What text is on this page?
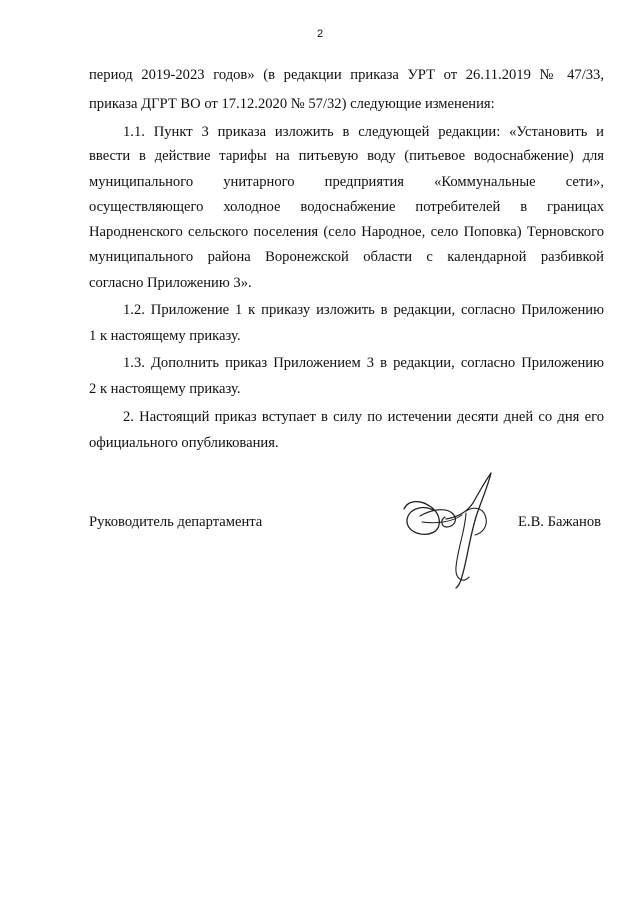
2
период 2019-2023 годов» (в редакции приказа УРТ от 26.11.2019 № 47/33,
приказа ДГРТ ВО от 17.12.2020 № 57/32) следующие изменения:
1.1. Пункт 3 приказа изложить в следующей редакции: «Установить и
ввести в действие тарифы на питьевую воду (питьевое водоснабжение) для
муниципального унитарного предприятия «Коммунальные сети»,
осуществляющего холодное водоснабжение потребителей в границах
Народненского сельского поселения (село Народное, село Поповка) Терновского
муниципального района Воронежской области с календарной разбивкой
согласно Приложению 3».
1.2. Приложение 1 к приказу изложить в редакции, согласно Приложению
1 к настоящему приказу.
1.3. Дополнить приказ Приложением 3 в редакции, согласно Приложению
2 к настоящему приказу.
2. Настоящий приказ вступает в силу по истечении десяти дней со дня его
официального опубликования.
Руководитель департамента	Е.В. Бажанов
